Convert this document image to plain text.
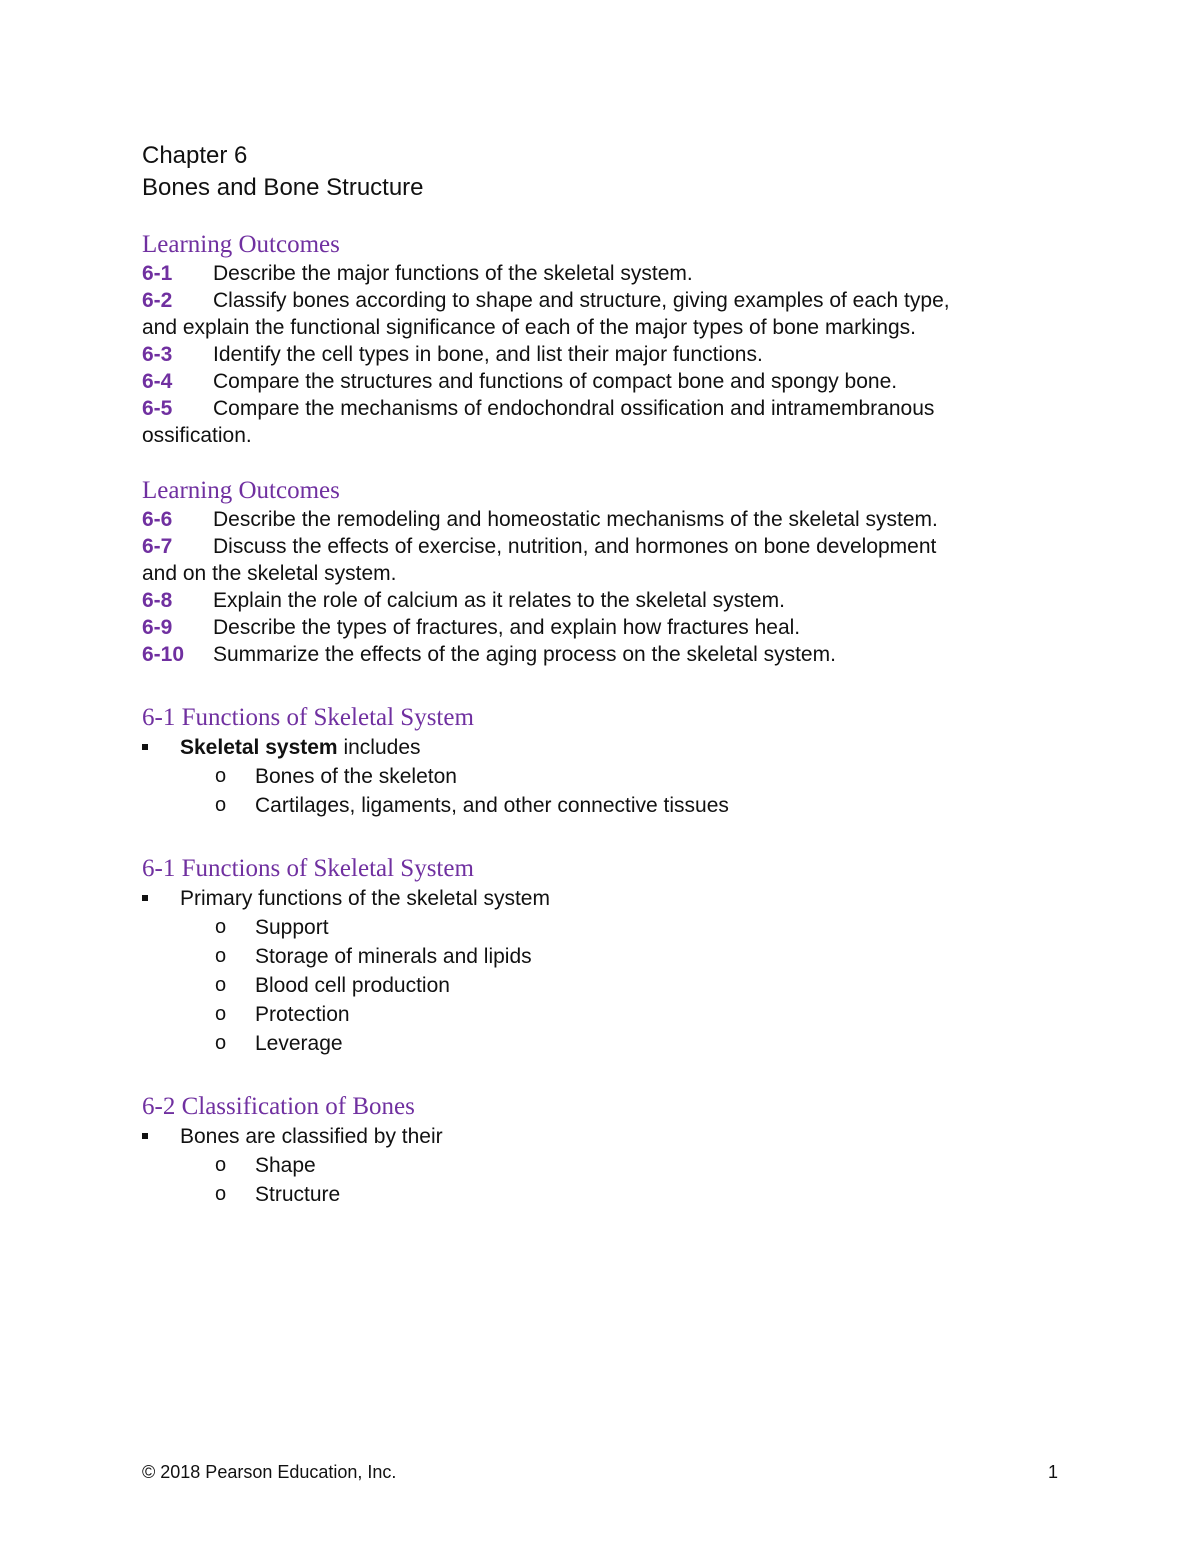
Chapter 6

Bones and Bone Structure

Learning Outcomes

6-1 Describe the major functions of the skeletal system.

6-2 Classify bones according to shape and structure, giving examples of each type,

and explain the functional significance of each of the major types of bone markings.

6-3 Identify the cell types in bone, and list their major functions.

6-4 Compare the structures and functions of compact bone and spongy bone.

6-5 Compare the mechanisms of endochondral ossification and intramembranous

ossification.

Learning Outcomes

6-6 Describe the remodeling and homeostatic mechanisms of the skeletal system.

6-7 Discuss the effects of exercise, nutrition, and hormones on bone development

and on the skeletal system.

6-8 Explain the role of calcium as it relates to the skeletal system.

6-9 Describe the types of fractures, and explain how fractures heal.

6-10 Summarize the effects of the aging process on the skeletal system.

6-1 Functions of Skeletal System

Skeletal system includes
o Bones of the skeleton
o Cartilages, ligaments, and other connective tissues

6-1 Functions of Skeletal System

Primary functions of the skeletal system
o Support
o Storage of minerals and lipids
o Blood cell production
o Protection
o Leverage

6-2 Classification of Bones

Bones are classified by their
o Shape
o Structure
© 2018 Pearson Education, Inc.	1
